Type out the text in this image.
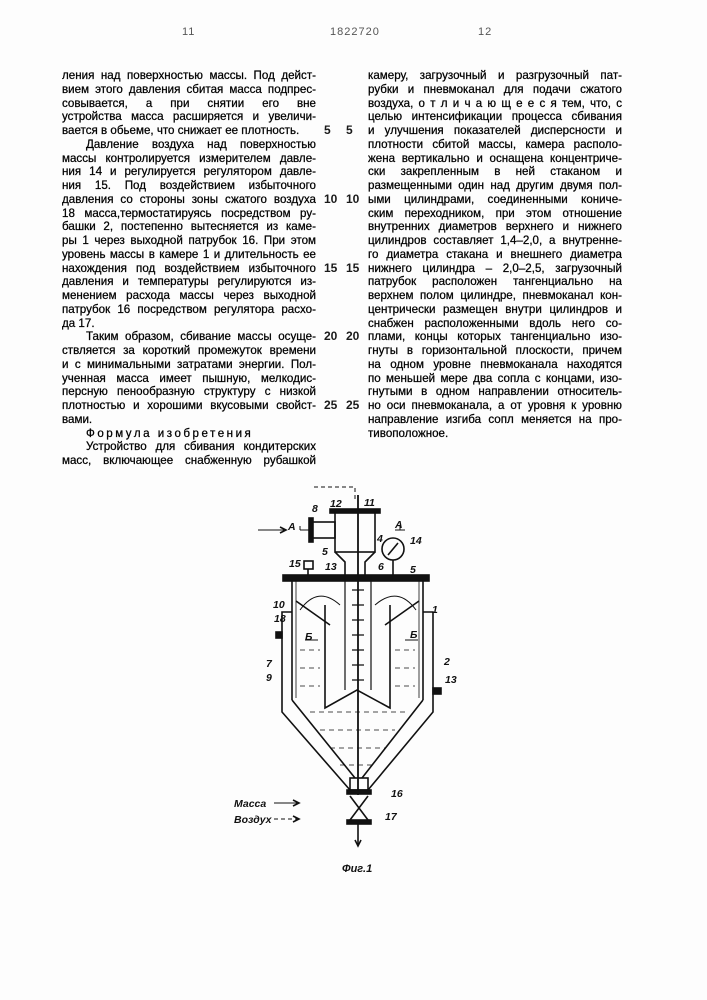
11	1822720	12
ления над поверхностью массы. Под дейст-
вием этого давления сбитая масса подпрес-
совывается, а при снятии его вне
устройства масса расширяется и увеличи-
вается в обьеме, что снижает ее плотность.
Давление воздуха над поверхностью
массы контролируется измерителем давле-
ния 14 и регулируется регулятором давле-
ния 15. Под воздействием избыточного
давления со стороны зоны сжатого воздуха
18 масса,термостатируясь посредством ру-
башки 2, постепенно вытесняется из каме-
ры 1 через выходной патрубок 16. При этом
уровень массы в камере 1 и длительность ее
нахождения под воздействием избыточного
давления и температуры регулируются из-
менением расхода массы через выходной
патрубок 16 посредством регулятора расхо-
да 17.
Таким образом, сбивание массы осуще-
ствляется за короткий промежуток времени
и с минимальными затратами энергии. Пол-
ученная масса имеет пышную, мелкодис-
персную пенообразную структуру с низкой
плотностью и хорошими вкусовыми свойст-
вами.
Формула изобретения
Устройство для сбивания кондитерских
масс, включающее снабженную рубашкой
камеру, загрузочный и разгрузочный пат-
рубки и пневмоканал для подачи сжатого
воздуха, о т л и ч а ю щ е е с я тем, что, с
целью интенсификации процесса сбивания
и улучшения показателей дисперсности и
плотности сбитой массы, камера располо-
жена вертикально и оснащена концентриче-
ски закрепленным в ней стаканом и
размещенными один над другим двумя пол-
ыми цилиндрами, соединенными коничe-
ским переходником, при этом отношение
внутренних диаметров верхнего и нижнего
цилиндров составляет 1,4–2,0, а внутренне-
го диаметра стакана и внешнего диаметра
нижнего цилиндра – 2,0–2,5, загрузочный
патрубок расположен тангенциально на
верхнем полом цилиндре, пневмоканал кон-
центрически размещен внутри цилиндров и
снабжен расположенными вдоль него со-
плами, концы которых тангенциально изо-
гнуты в горизонтальной плоскости, причем
на одном уровне пневмоканала находятся
по меньшей мере два сопла с концами, изо-
гнутыми в одном направлении относитель-
но оси пневмоканала, а от уровня к уровню
направление изгиба сопл меняется на про-
тивоположное.
5 5
10 10
15 15
20 20
25 25
12 11
8
А	А
4	14
5
13	6
15	5
10	1
18
Б	Б
7	2
9	13
16
17
Масса
Воздух
Фиг.1
